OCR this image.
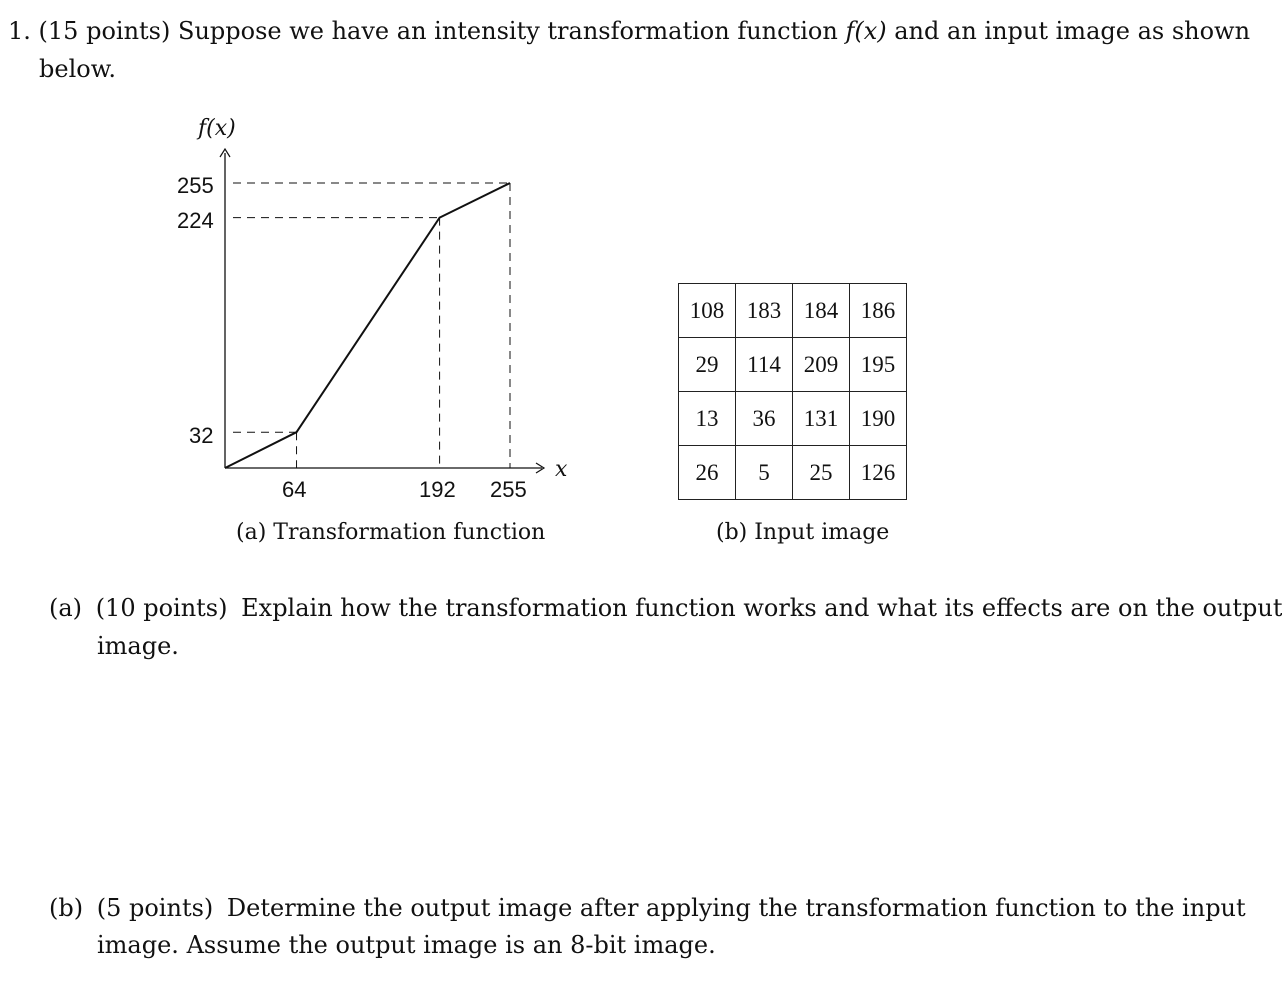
1. (15 points) Suppose we have an intensity transformation function f(x) and an input image as shown
below.
f(x)
x
255
224
32
64	192 255
(a) Transformation function
108	183	184	186
29	114	209	195
13	36	131	190
26	5	25	126
(b) Input image
(a) (10 points) Explain how the transformation function works and what its effects are on the output
image.
(b) (5 points) Determine the output image after applying the transformation function to the input
image. Assume the output image is an 8-bit image.
